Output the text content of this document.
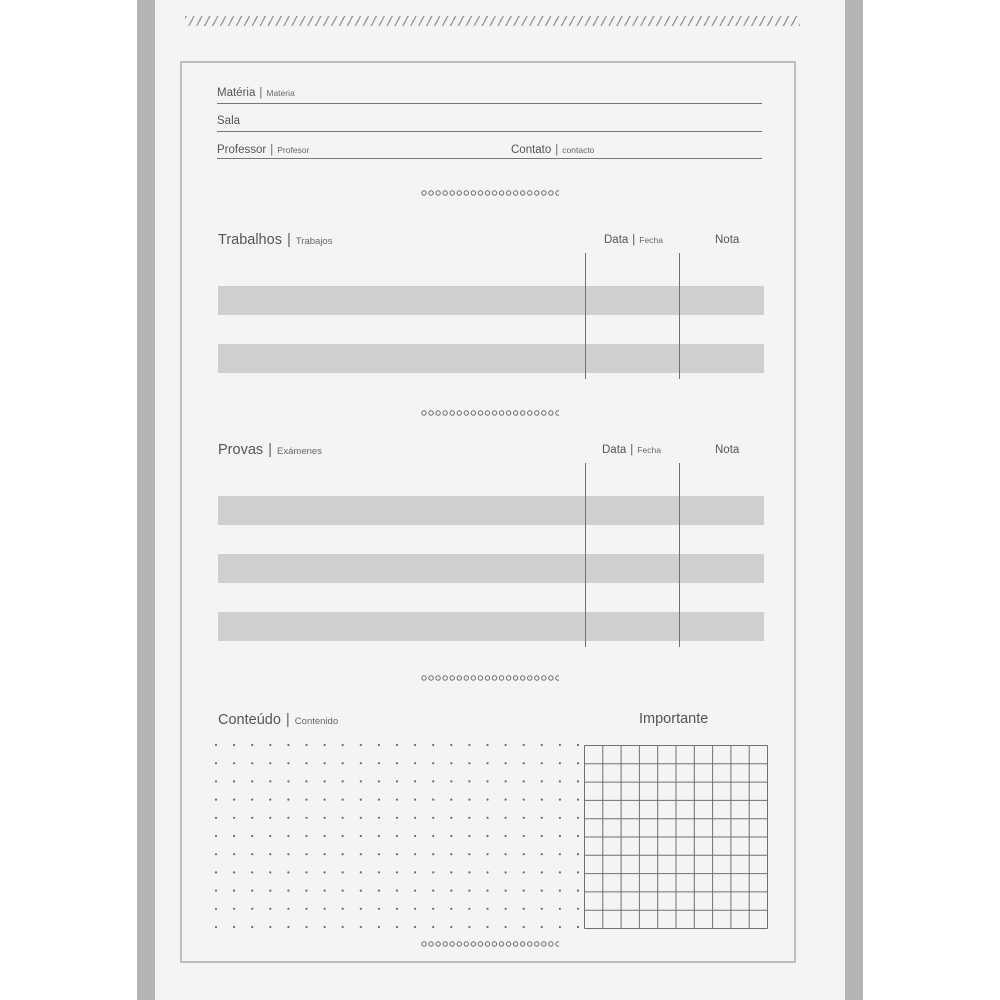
Matéria | Materia
Sala
Professor | Profesor	Contato | contacto
Trabalhos | Trabajos	Data | Fecha	Nota
Provas | Exámenes	Data | Fecha	Nota
Conteúdo | Contenido	Importante
